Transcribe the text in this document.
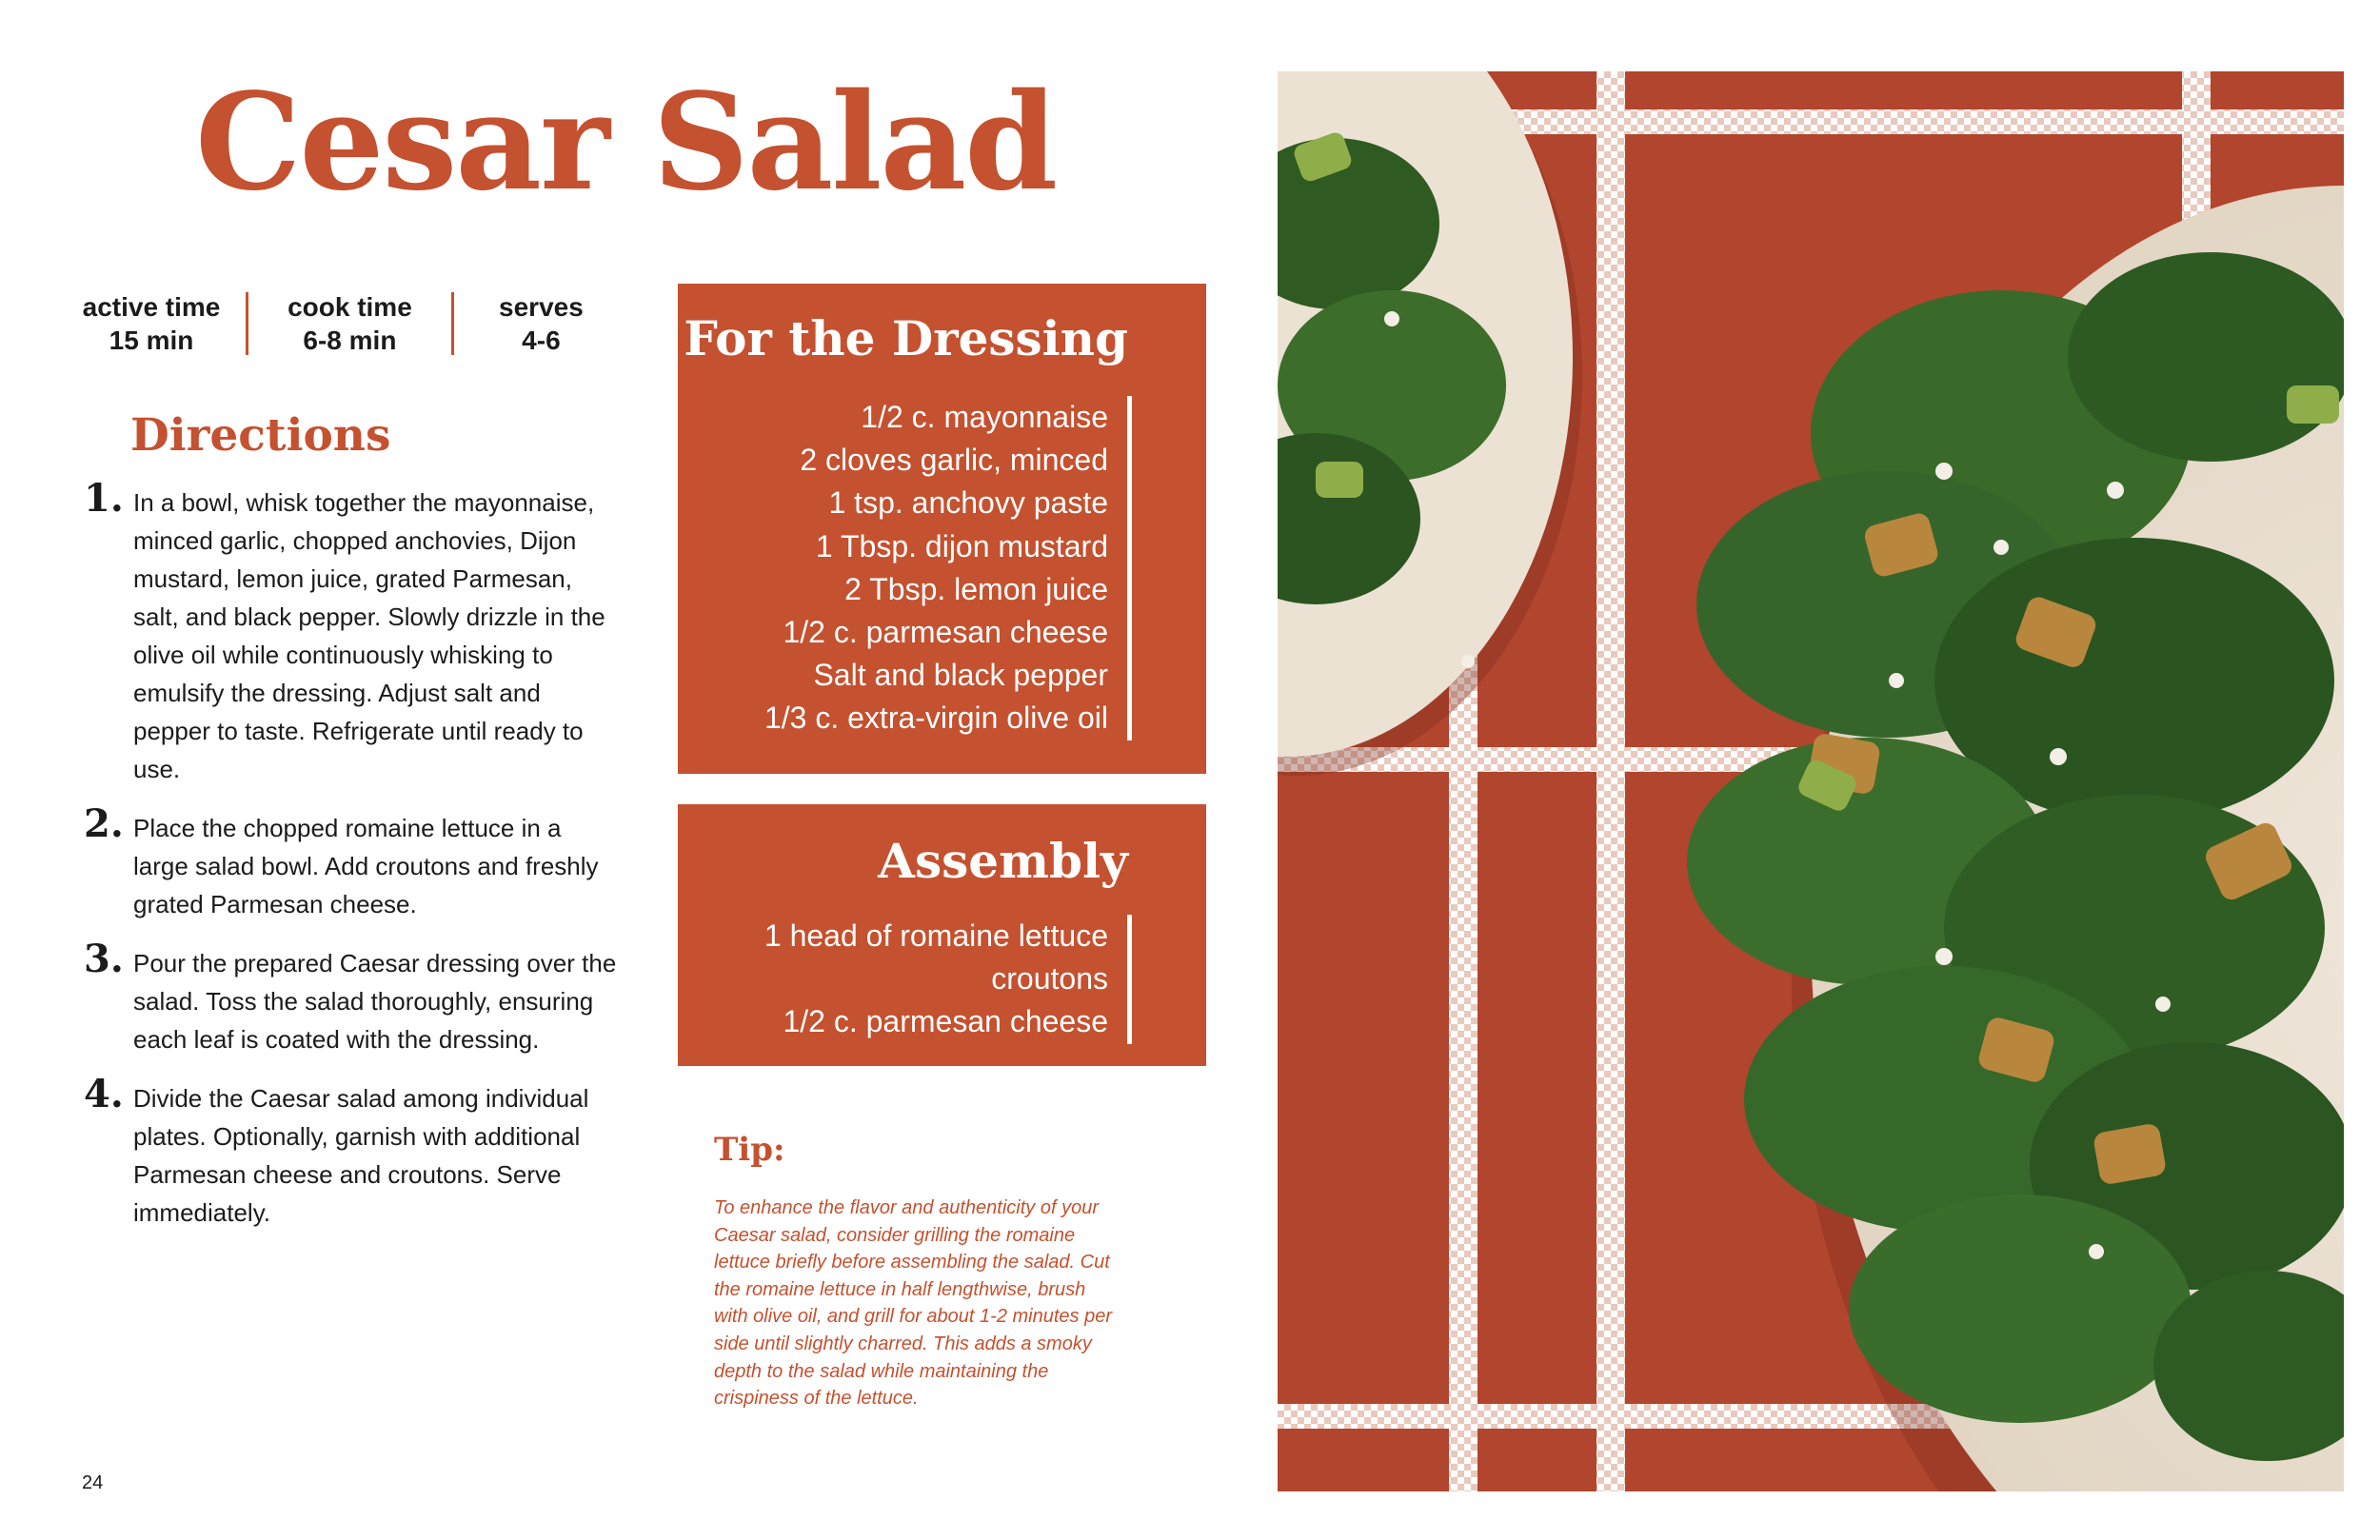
Cesar Salad
active time
15 min
cook time
6-8 min
serves
4-6
Directions
1. In a bowl, whisk together the mayonnaise, minced garlic, chopped anchovies, Dijon mustard, lemon juice, grated Parmesan, salt, and black pepper. Slowly drizzle in the olive oil while continuously whisking to emulsify the dressing. Adjust salt and pepper to taste. Refrigerate until ready to use.
2. Place the chopped romaine lettuce in a large salad bowl. Add croutons and freshly grated Parmesan cheese.
3. Pour the prepared Caesar dressing over the salad. Toss the salad thoroughly, ensuring each leaf is coated with the dressing.
4. Divide the Caesar salad among individual plates. Optionally, garnish with additional Parmesan cheese and croutons. Serve immediately.
For the Dressing
1/2 c. mayonnaise
2 cloves garlic, minced
1 tsp. anchovy paste
1 Tbsp. dijon mustard
2 Tbsp. lemon juice
1/2 c. parmesan cheese
Salt and black pepper
1/3 c. extra-virgin olive oil
Assembly
1 head of romaine lettuce
croutons
1/2 c. parmesan cheese
Tip:
To enhance the flavor and authenticity of your Caesar salad, consider grilling the romaine lettuce briefly before assembling the salad. Cut the romaine lettuce in half lengthwise, brush with olive oil, and grill for about 1-2 minutes per side until slightly charred. This adds a smoky depth to the salad while maintaining the crispiness of the lettuce.
24
